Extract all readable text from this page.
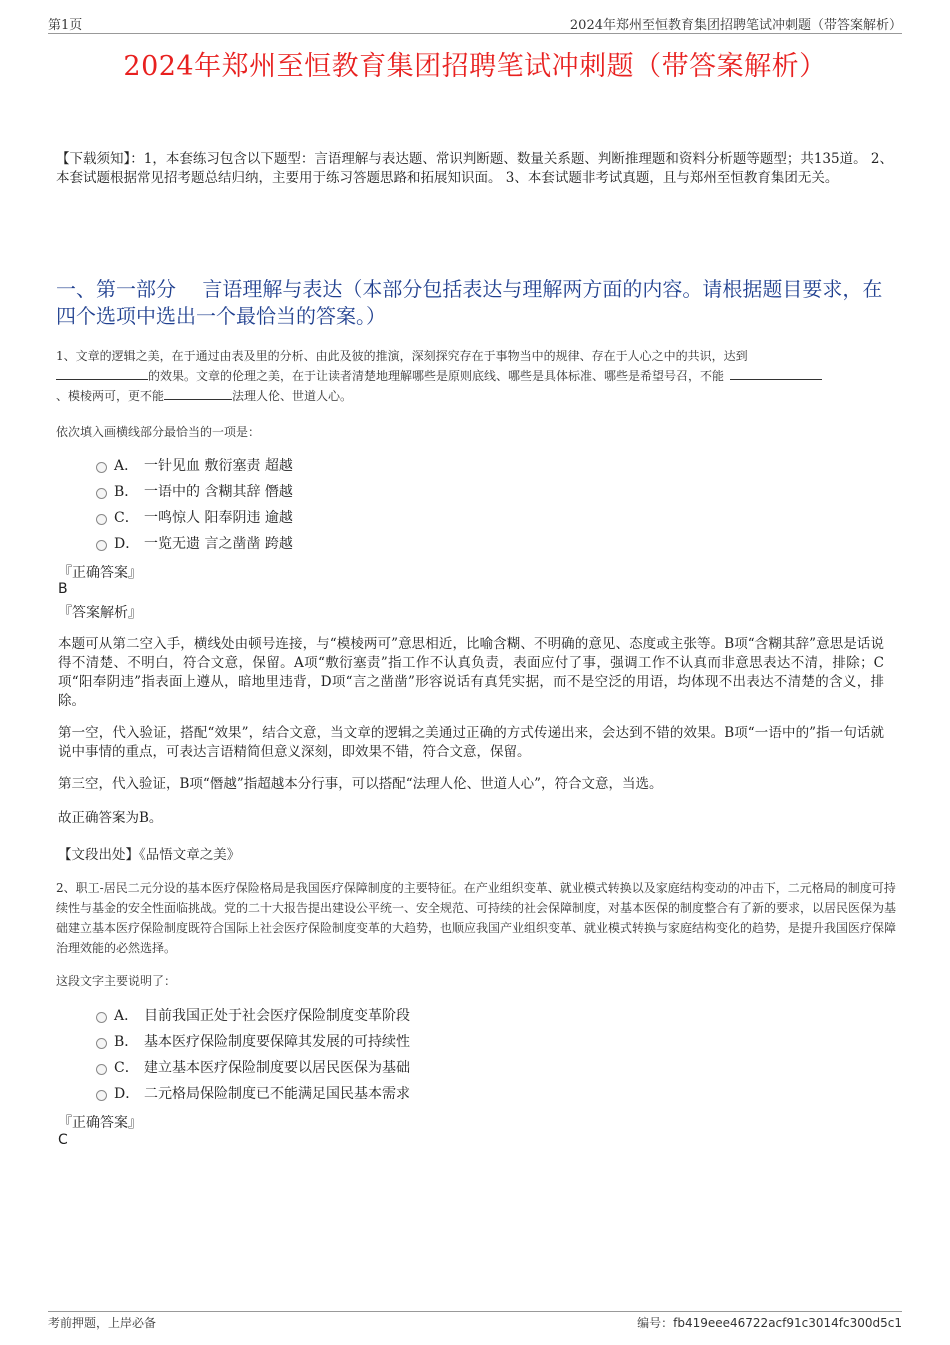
第1页	2024年郑州至恒教育集团招聘笔试冲刺题（带答案解析）
2024年郑州至恒教育集团招聘笔试冲刺题（带答案解析）
【下载须知】：1，本套练习包含以下题型：言语理解与表达题、常识判断题、数量关系题、判断推理题和资料分析题等题型；共135道。 2、本套试题根据常见招考题总结归纳，主要用于练习答题思路和拓展知识面。 3、本套试题非考试真题，且与郑州至恒教育集团无关。
一、第一部分　 言语理解与表达（本部分包括表达与理解两方面的内容。请根据题目要求，在四个选项中选出一个最恰当的答案。）
1、文章的逻辑之美，在于通过由表及里的分析、由此及彼的推演，深刻探究存在于事物当中的规律、存在于人心之中的共识，达到
的效果。文章的伦理之美，在于让读者清楚地理解哪些是原则底线、哪些是具体标准、哪些是希望号召，不能
、模棱两可，更不能	法理人伦、世道人心。
依次填入画横线部分最恰当的一项是：
A． 一针见血 敷衍塞责 超越
B． 一语中的 含糊其辞 僭越
C． 一鸣惊人 阳奉阴违 逾越
D． 一览无遗 言之凿凿 跨越
『正确答案』
B
『答案解析』
本题可从第二空入手，横线处由顿号连接，与“模棱两可”意思相近，比喻含糊、不明确的意见、态度或主张等。B项“含糊其辞”意思是话说得不清楚、不明白，符合文意，保留。A项“敷衍塞责”指工作不认真负责，表面应付了事，强调工作不认真而非意思表达不清，排除；C项“阳奉阴违”指表面上遵从，暗地里违背，D项“言之凿凿”形容说话有真凭实据，而不是空泛的用语，均体现不出表达不清楚的含义，排除。
第一空，代入验证，搭配“效果”，结合文意，当文章的逻辑之美通过正确的方式传递出来，会达到不错的效果。B项“一语中的”指一句话就说中事情的重点，可表达言语精简但意义深刻，即效果不错，符合文意，保留。
第三空，代入验证，B项“僭越”指超越本分行事，可以搭配“法理人伦、世道人心”，符合文意，当选。
故正确答案为B。
【文段出处】《品悟文章之美》
2、职工-居民二元分设的基本医疗保险格局是我国医疗保障制度的主要特征。在产业组织变革、就业模式转换以及家庭结构变动的冲击下，二元格局的制度可持续性与基金的安全性面临挑战。党的二十大报告提出建设公平统一、安全规范、可持续的社会保障制度，对基本医保的制度整合有了新的要求，以居民医保为基础建立基本医疗保险制度既符合国际上社会医疗保险制度变革的大趋势，也顺应我国产业组织变革、就业模式转换与家庭结构变化的趋势，是提升我国医疗保障治理效能的必然选择。
这段文字主要说明了：
A． 目前我国正处于社会医疗保险制度变革阶段
B． 基本医疗保险制度要保障其发展的可持续性
C． 建立基本医疗保险制度要以居民医保为基础
D． 二元格局保险制度已不能满足国民基本需求
『正确答案』
C
考前押题，上岸必备	编号：fb419eee46722acf91c3014fc300d5c1
